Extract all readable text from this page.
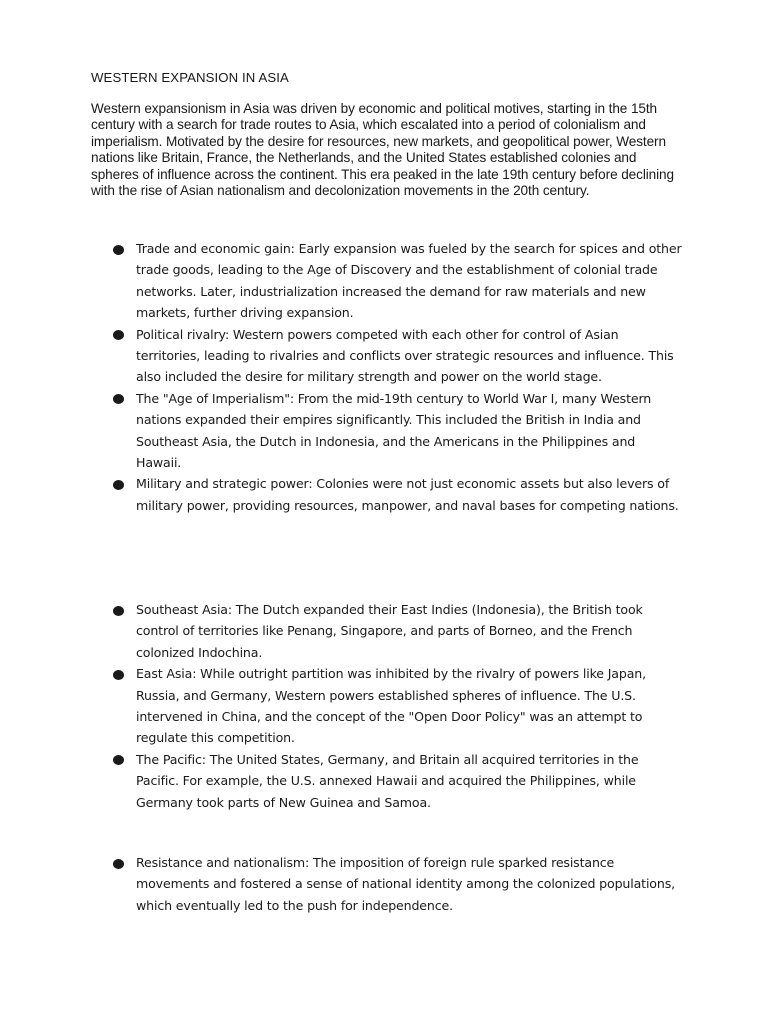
WESTERN EXPANSION IN ASIA

Western expansionism in Asia was driven by economic and political motives, starting in the 15th century with a search for trade routes to Asia, which escalated into a period of colonialism and imperialism. Motivated by the desire for resources, new markets, and geopolitical power, Western nations like Britain, France, the Netherlands, and the United States established colonies and spheres of influence across the continent. This era peaked in the late 19th century before declining with the rise of Asian nationalism and decolonization movements in the 20th century.

Trade and economic gain: Early expansion was fueled by the search for spices and other trade goods, leading to the Age of Discovery and the establishment of colonial trade networks. Later, industrialization increased the demand for raw materials and new markets, further driving expansion.
Political rivalry: Western powers competed with each other for control of Asian territories, leading to rivalries and conflicts over strategic resources and influence. This also included the desire for military strength and power on the world stage.
The "Age of Imperialism": From the mid-19th century to World War I, many Western nations expanded their empires significantly. This included the British in India and Southeast Asia, the Dutch in Indonesia, and the Americans in the Philippines and Hawaii.
Military and strategic power: Colonies were not just economic assets but also levers of military power, providing resources, manpower, and naval bases for competing nations.
Southeast Asia: The Dutch expanded their East Indies (Indonesia), the British took control of territories like Penang, Singapore, and parts of Borneo, and the French colonized Indochina.
East Asia: While outright partition was inhibited by the rivalry of powers like Japan, Russia, and Germany, Western powers established spheres of influence. The U.S. intervened in China, and the concept of the "Open Door Policy" was an attempt to regulate this competition.
The Pacific: The United States, Germany, and Britain all acquired territories in the Pacific. For example, the U.S. annexed Hawaii and acquired the Philippines, while Germany took parts of New Guinea and Samoa.
Resistance and nationalism: The imposition of foreign rule sparked resistance movements and fostered a sense of national identity among the colonized populations, which eventually led to the push for independence.
